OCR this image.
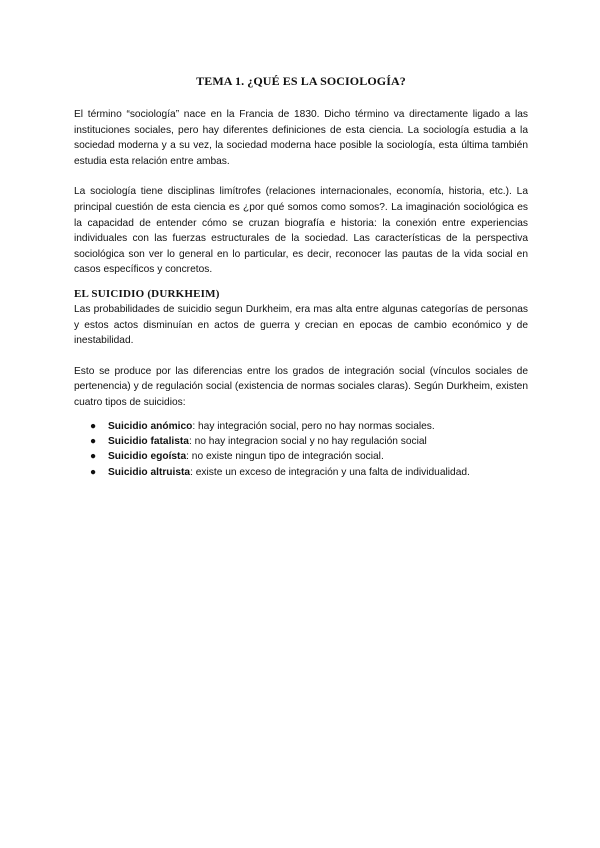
TEMA 1. ¿QUÉ ES LA SOCIOLOGÍA?

El término “sociología” nace en la Francia de 1830. Dicho término va directamente ligado a las instituciones sociales, pero hay diferentes definiciones de esta ciencia. La sociología estudia a la sociedad moderna y a su vez, la sociedad moderna hace posible la sociología, esta última también estudia esta relación entre ambas.

La sociología tiene disciplinas limítrofes (relaciones internacionales, economía, historia, etc.). La principal cuestión de esta ciencia es ¿por qué somos como somos?. La imaginación sociológica es la capacidad de entender cómo se cruzan biografía e historia: la conexión entre experiencias individuales con las fuerzas estructurales de la sociedad. Las características de la perspectiva sociológica son ver lo general en lo particular, es decir, reconocer las pautas de la vida social en casos específicos y concretos.

EL SUICIDIO (DURKHEIM)

Las probabilidades de suicidio segun Durkheim, era mas alta entre algunas categorías de personas y estos actos disminuían en actos de guerra y crecian en epocas de cambio económico y de inestabilidad.

Esto se produce por las diferencias entre los grados de integración social (vínculos sociales de pertenencia) y de regulación social (existencia de normas sociales claras). Según Durkheim, existen cuatro tipos de suicidios:

● Suicidio anómico: hay integración social, pero no hay normas sociales.
● Suicidio fatalista: no hay integracion social y no hay regulación social
● Suicidio egoísta: no existe ningun tipo de integración social.
● Suicidio altruista: existe un exceso de integración y una falta de individualidad.
